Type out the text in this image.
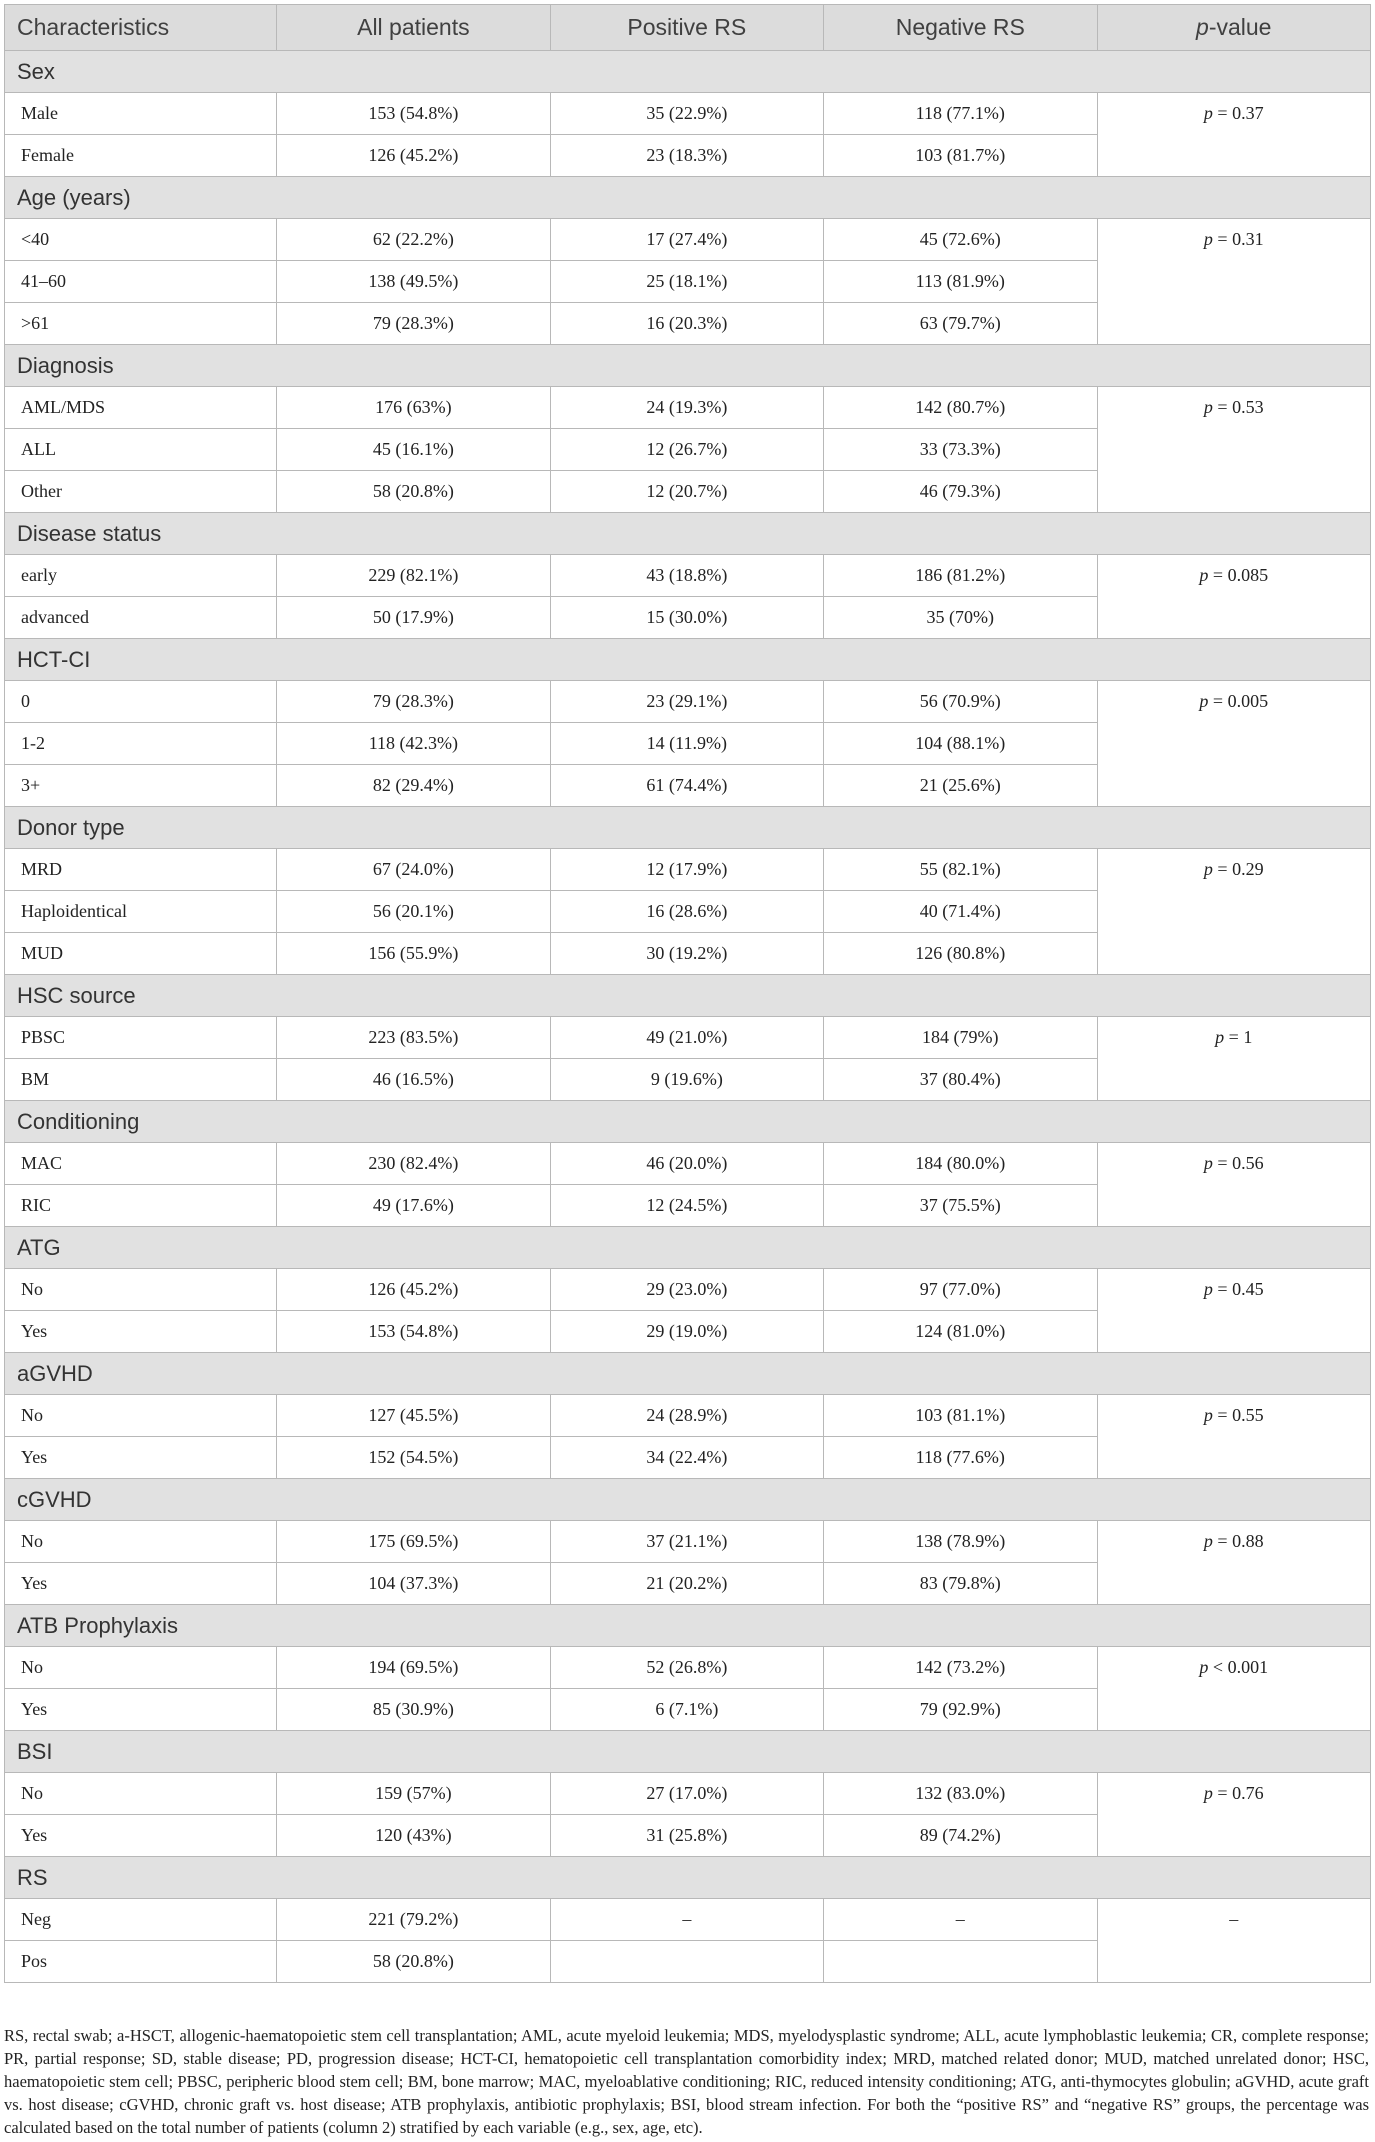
Characteristics	All patients	Positive RS	Negative RS	p-value
Sex				
Male	153 (54.8%)	35 (22.9%)	118 (77.1%)	p = 0.37
Female	126 (45.2%)	23 (18.3%)	103 (81.7%)	
Age (years)				
<40	62 (22.2%)	17 (27.4%)	45 (72.6%)	p = 0.31
41–60	138 (49.5%)	25 (18.1%)	113 (81.9%)	
>61	79 (28.3%)	16 (20.3%)	63 (79.7%)	
Diagnosis				
AML/MDS	176 (63%)	24 (19.3%)	142 (80.7%)	p = 0.53
ALL	45 (16.1%)	12 (26.7%)	33 (73.3%)	
Other	58 (20.8%)	12 (20.7%)	46 (79.3%)	
Disease status				
early	229 (82.1%)	43 (18.8%)	186 (81.2%)	p = 0.085
advanced	50 (17.9%)	15 (30.0%)	35 (70%)	
HCT-CI				
0	79 (28.3%)	23 (29.1%)	56 (70.9%)	p = 0.005
1-2	118 (42.3%)	14 (11.9%)	104 (88.1%)	
3+	82 (29.4%)	61 (74.4%)	21 (25.6%)	
Donor type				
MRD	67 (24.0%)	12 (17.9%)	55 (82.1%)	p = 0.29
Haploidentical	56 (20.1%)	16 (28.6%)	40 (71.4%)	
MUD	156 (55.9%)	30 (19.2%)	126 (80.8%)	
HSC source				
PBSC	223 (83.5%)	49 (21.0%)	184 (79%)	p = 1
BM	46 (16.5%)	9 (19.6%)	37 (80.4%)	
Conditioning				
MAC	230 (82.4%)	46 (20.0%)	184 (80.0%)	p = 0.56
RIC	49 (17.6%)	12 (24.5%)	37 (75.5%)	
ATG				
No	126 (45.2%)	29 (23.0%)	97 (77.0%)	p = 0.45
Yes	153 (54.8%)	29 (19.0%)	124 (81.0%)	
aGVHD				
No	127 (45.5%)	24 (28.9%)	103 (81.1%)	p = 0.55
Yes	152 (54.5%)	34 (22.4%)	118 (77.6%)	
cGVHD				
No	175 (69.5%)	37 (21.1%)	138 (78.9%)	p = 0.88
Yes	104 (37.3%)	21 (20.2%)	83 (79.8%)	
ATB Prophylaxis				
No	194 (69.5%)	52 (26.8%)	142 (73.2%)	p < 0.001
Yes	85 (30.9%)	6 (7.1%)	79 (92.9%)	
BSI				
No	159 (57%)	27 (17.0%)	132 (83.0%)	p = 0.76
Yes	120 (43%)	31 (25.8%)	89 (74.2%)	
RS				
Neg	221 (79.2%)	–	–	–
Pos	58 (20.8%)			
RS, rectal swab; a-HSCT, allogenic-haematopoietic stem cell transplantation; AML, acute myeloid leukemia; MDS, myelodysplastic syndrome; ALL, acute lymphoblastic leukemia; CR, complete response; PR, partial response; SD, stable disease; PD, progression disease; HCT-CI, hematopoietic cell transplantation comorbidity index; MRD, matched related donor; MUD, matched unrelated donor; HSC, haematopoietic stem cell; PBSC, peripheric blood stem cell; BM, bone marrow; MAC, myeloablative conditioning; RIC, reduced intensity conditioning; ATG, anti-thymocytes globulin; aGVHD, acute graft vs. host disease; cGVHD, chronic graft vs. host disease; ATB prophylaxis, antibiotic prophylaxis; BSI, blood stream infection. For both the “positive RS” and “negative RS” groups, the percentage was calculated based on the total number of patients (column 2) stratified by each variable (e.g., sex, age, etc).
